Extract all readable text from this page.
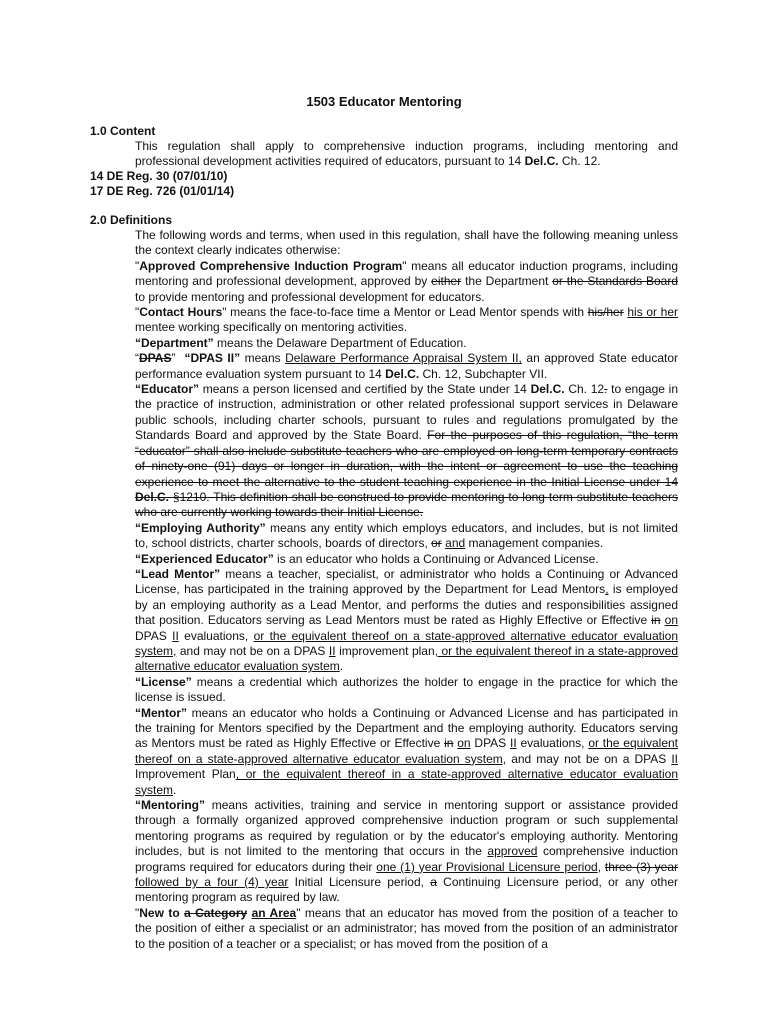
1503 Educator Mentoring
1.0 Content

This regulation shall apply to comprehensive induction programs, including mentoring and professional development activities required of educators, pursuant to 14 Del.C. Ch. 12.

14 DE Reg. 30 (07/01/10)
17 DE Reg. 726 (01/01/14)
2.0 Definitions

The following words and terms, when used in this regulation, shall have the following meaning unless the context clearly indicates otherwise:

"Approved Comprehensive Induction Program" means all educator induction programs, including mentoring and professional development, approved by either the Department or the Standards Board to provide mentoring and professional development for educators.

"Contact Hours" means the face-to-face time a Mentor or Lead Mentor spends with his/her his or her mentee working specifically on mentoring activities.

“Department” means the Delaware Department of Education.

“DPAS” “DPAS II” means Delaware Performance Appraisal System II, an approved State educator performance evaluation system pursuant to 14 Del.C. Ch. 12, Subchapter VII.

“Educator” means a person licensed and certified by the State under 14 Del.C. Ch. 12. to engage in the practice of instruction, administration or other related professional support services in Delaware public schools, including charter schools, pursuant to rules and regulations promulgated by the Standards Board and approved by the State Board. For the purposes of this regulation, “the term “educator” shall also include substitute teachers who are employed on long-term temporary contracts of ninety-one (91) days or longer in duration, with the intent or agreement to use the teaching experience to meet the alternative to the student teaching experience in the Initial License under 14 Del.C. §1210. This definition shall be construed to provide mentoring to long term substitute teachers who are currently working towards their Initial License.

“Employing Authority” means any entity which employs educators, and includes, but is not limited to, school districts, charter schools, boards of directors, or and management companies.

“Experienced Educator” is an educator who holds a Continuing or Advanced License.

“Lead Mentor” means a teacher, specialist, or administrator who holds a Continuing or Advanced License, has participated in the training approved by the Department for Lead Mentors, is employed by an employing authority as a Lead Mentor, and performs the duties and responsibilities assigned that position. Educators serving as Lead Mentors must be rated as Highly Effective or Effective in on DPAS II evaluations, or the equivalent thereof on a state-approved alternative educator evaluation system, and may not be on a DPAS II improvement plan, or the equivalent thereof in a state-approved alternative educator evaluation system.

“License” means a credential which authorizes the holder to engage in the practice for which the license is issued.

“Mentor” means an educator who holds a Continuing or Advanced License and has participated in the training for Mentors specified by the Department and the employing authority. Educators serving as Mentors must be rated as Highly Effective or Effective in on DPAS II evaluations, or the equivalent thereof on a state-approved alternative educator evaluation system, and may not be on a DPAS II Improvement Plan, or the equivalent thereof in a state-approved alternative educator evaluation system.

“Mentoring” means activities, training and service in mentoring support or assistance provided through a formally organized approved comprehensive induction program or such supplemental mentoring programs as required by regulation or by the educator's employing authority. Mentoring includes, but is not limited to the mentoring that occurs in the approved comprehensive induction programs required for educators during their one (1) year Provisional Licensure period, three (3) year followed by a four (4) year Initial Licensure period, a Continuing Licensure period, or any other mentoring program as required by law.

"New to a Category an Area" means that an educator has moved from the position of a teacher to the position of either a specialist or an administrator; has moved from the position of an administrator to the position of a teacher or a specialist; or has moved from the position of a
